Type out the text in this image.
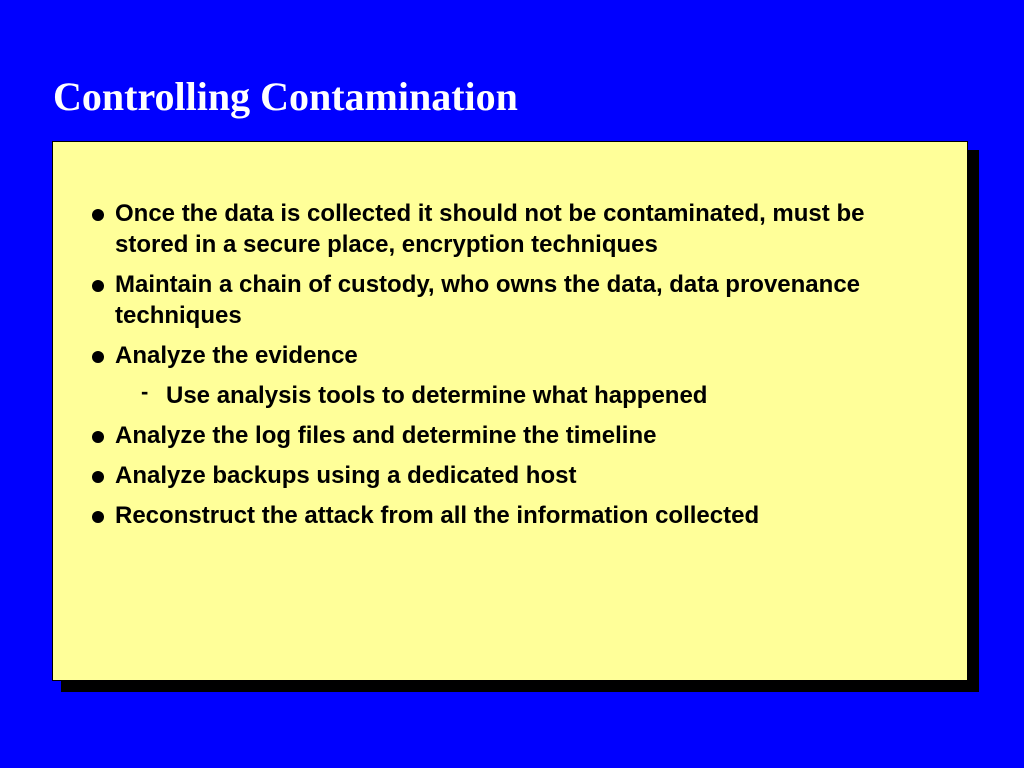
Controlling Contamination
Once the data is collected it should not be contaminated, must be stored in a secure place, encryption techniques
Maintain a chain of custody, who owns the data, data provenance techniques
Analyze the evidence
- Use analysis tools to determine what happened
Analyze the log files and determine the timeline
Analyze backups using a dedicated host
Reconstruct the attack from all the information collected
